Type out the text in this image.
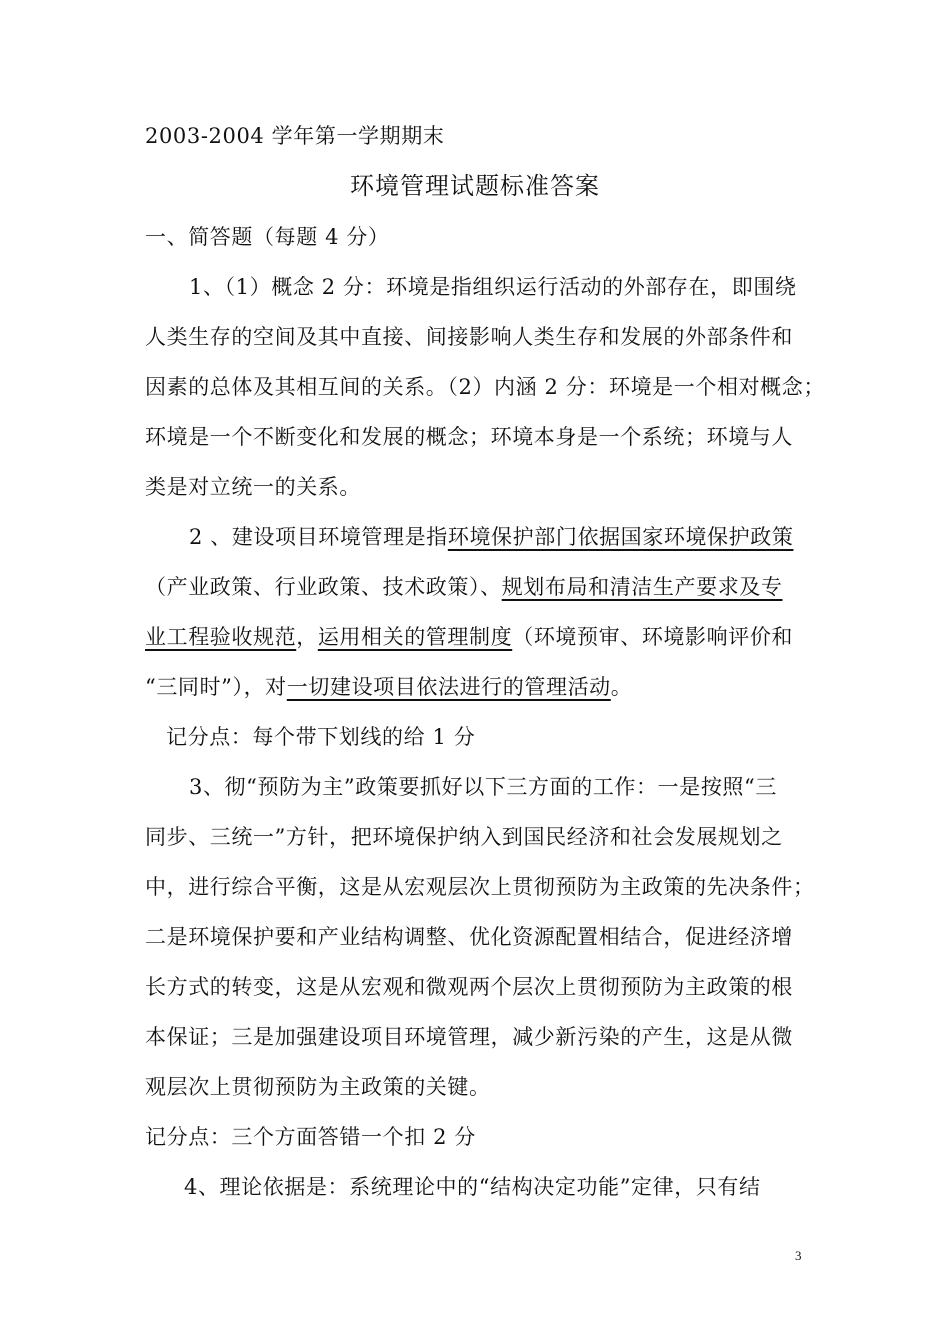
2003-2004 学年第一学期期末
环境管理试题标准答案
一、简答题（每题 4 分）
1、（1）概念 2 分：环境是指组织运行活动的外部存在，即围绕
人类生存的空间及其中直接、间接影响人类生存和发展的外部条件和
因素的总体及其相互间的关系。（2）内涵 2 分：环境是一个相对概念；
环境是一个不断变化和发展的概念；环境本身是一个系统；环境与人
类是对立统一的关系。
2 、建设项目环境管理是指环境保护部门依据国家环境保护政策
（产业政策、行业政策、技术政策）、规划布局和清洁生产要求及专
业工程验收规范，运用相关的管理制度（环境预审、环境影响评价和
“三同时”），对一切建设项目依法进行的管理活动。
记分点：每个带下划线的给 1 分
3、彻“预防为主”政策要抓好以下三方面的工作：一是按照“三
同步、三统一”方针，把环境保护纳入到国民经济和社会发展规划之
中，进行综合平衡，这是从宏观层次上贯彻预防为主政策的先决条件；
二是环境保护要和产业结构调整、优化资源配置相结合，促进经济增
长方式的转变，这是从宏观和微观两个层次上贯彻预防为主政策的根
本保证；三是加强建设项目环境管理，减少新污染的产生，这是从微
观层次上贯彻预防为主政策的关键。
记分点：三个方面答错一个扣 2 分
4、理论依据是：系统理论中的“结构决定功能”定律，只有结
3
